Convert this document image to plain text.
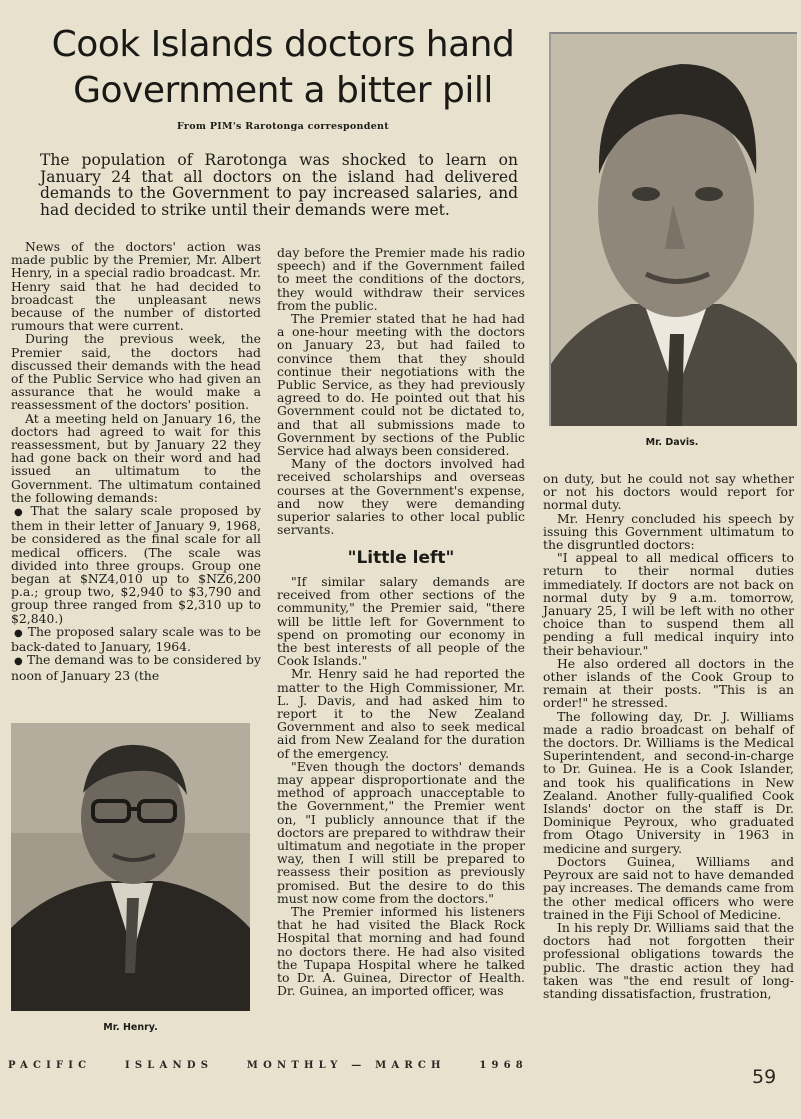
Cook Islands doctors hand
Government a bitter pill
From PIM's Rarotonga correspondent
The population of Rarotonga was shocked to learn on January 24 that all doctors on the island had delivered demands to the Government to pay increased salaries, and had decided to strike until their demands were met.

News of the doctors' action was made public by the Premier, Mr. Albert Henry, in a special radio broadcast. Mr. Henry said that he had decided to broadcast the unpleasant news because of the number of distorted rumours that were current.

During the previous week, the Premier said, the doctors had discussed their demands with the head of the Public Service who had given an assurance that he would make a reassessment of the doctors' position.

At a meeting held on January 16, the doctors had agreed to wait for this reassessment, but by January 22 they had gone back on their word and had issued an ultimatum to the Government. The ultimatum contained the following demands:

● That the salary scale proposed by them in their letter of January 9, 1968, be considered as the final scale for all medical officers. (The scale was divided into three groups. Group one began at $NZ4,010 up to $NZ6,200 p.a.; group two, $2,940 to $3,790 and group three ranged from $2,310 up to $2,840.)

● The proposed salary scale was to be back-dated to January, 1964.

● The demand was to be considered by noon of January 23 (the

Mr. Henry.

day before the Premier made his radio speech) and if the Government failed to meet the conditions of the doctors, they would withdraw their services from the public.

The Premier stated that he had had a one-hour meeting with the doctors on January 23, but had failed to convince them that they should continue their negotiations with the Public Service, as they had previously agreed to do. He pointed out that his Government could not be dictated to, and that all submissions made to Government by sections of the Public Service had always been considered.

Many of the doctors involved had received scholarships and overseas courses at the Government's expense, and now they were demanding superior salaries to other local public servants.

"Little left"

"If similar salary demands are received from other sections of the community," the Premier said, "there will be little left for Government to spend on promoting our economy in the best interests of all people of the Cook Islands."

Mr. Henry said he had reported the matter to the High Commissioner, Mr. L. J. Davis, and had asked him to report it to the New Zealand Government and also to seek medical aid from New Zealand for the duration of the emergency.

"Even though the doctors' demands may appear disproportionate and the method of approach unacceptable to the Government," the Premier went on, "I publicly announce that if the doctors are prepared to withdraw their ultimatum and negotiate in the proper way, then I will still be prepared to reassess their position as previously promised. But the desire to do this must now come from the doctors."

The Premier informed his listeners that he had visited the Black Rock Hospital that morning and had found no doctors there. He had also visited the Tupapa Hospital where he talked to Dr. A. Guinea, Director of Health. Dr. Guinea, an imported officer, was

Mr. Davis.

on duty, but he could not say whether or not his doctors would report for normal duty.

Mr. Henry concluded his speech by issuing this Government ultimatum to the disgruntled doctors:

"I appeal to all medical officers to return to their normal duties immediately. If doctors are not back on normal duty by 9 a.m. tomorrow, January 25, I will be left with no other choice than to suspend them all pending a full medical inquiry into their behaviour."

He also ordered all doctors in the other islands of the Cook Group to remain at their posts. "This is an order!" he stressed.

The following day, Dr. J. Williams made a radio broadcast on behalf of the doctors. Dr. Williams is the Medical Superintendent, and second-in-charge to Dr. Guinea. He is a Cook Islander, and took his qualifications in New Zealand. Another fully-qualified Cook Islands' doctor on the staff is Dr. Dominique Peyroux, who graduated from Otago University in 1963 in medicine and surgery.

Doctors Guinea, Williams and Peyroux are said not to have demanded pay increases. The demands came from the other medical officers who were trained in the Fiji School of Medicine.

In his reply Dr. Williams said that the doctors had not forgotten their professional obligations towards the public. The drastic action they had taken was "the end result of long-standing dissatisfaction, frustration,

PACIFIC	ISLANDS	MONTHLY — MARCH	1968
59
